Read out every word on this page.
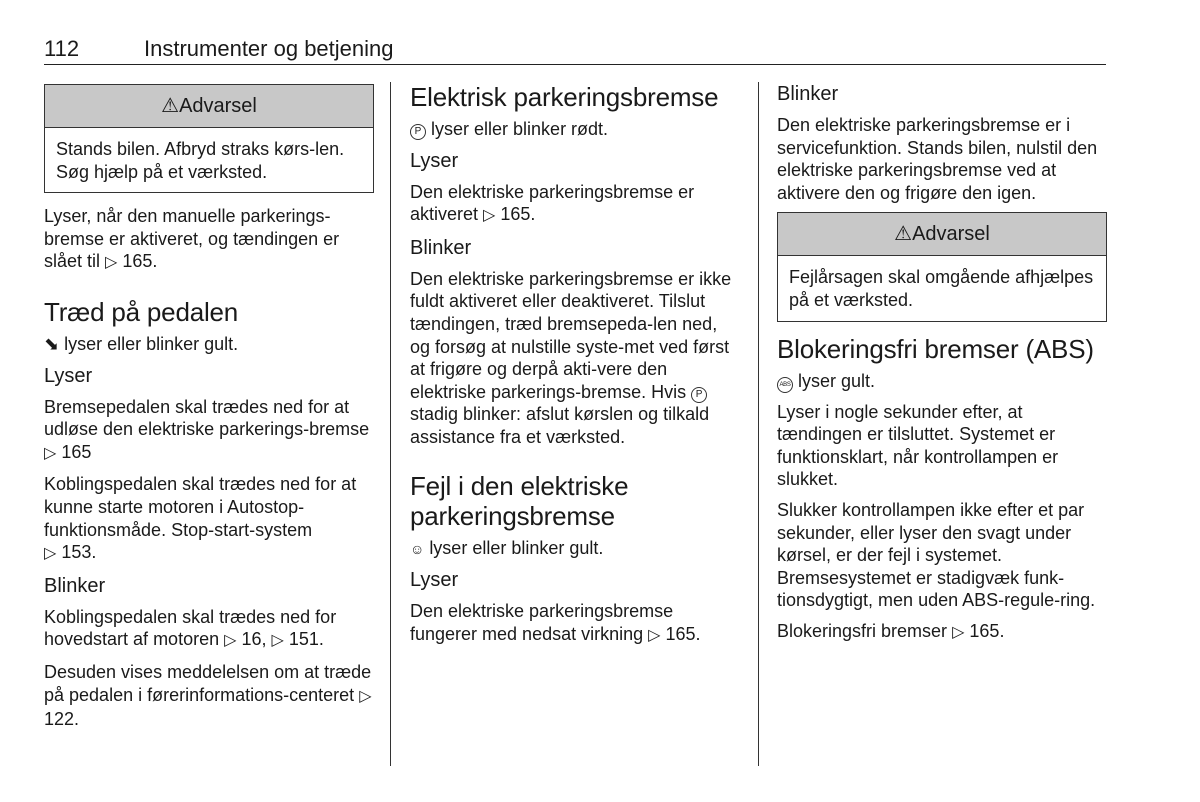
112	Instrumenter og betjening
⚠Advarsel
Stands bilen. Afbryd straks kørs-len. Søg hjælp på et værksted.

Lyser, når den manuelle parkerings-bremse er aktiveret, og tændingen er slået til ▷ 165.

Træd på pedalen

⬊ lyser eller blinker gult.

Lyser

Bremsepedalen skal trædes ned for at udløse den elektriske parkerings-bremse ▷ 165

Koblingspedalen skal trædes ned for at kunne starte motoren i Autostop-funktionsmåde. Stop-start-system
▷ 153.

Blinker

Koblingspedalen skal trædes ned for hovedstart af motoren ▷ 16, ▷ 151.

Desuden vises meddelelsen om at træde på pedalen i førerinformations-centeret ▷ 122.

Elektrisk parkeringsbremse

P lyser eller blinker rødt.

Lyser

Den elektriske parkeringsbremse er aktiveret ▷ 165.

Blinker

Den elektriske parkeringsbremse er ikke fuldt aktiveret eller deaktiveret. Tilslut tændingen, træd bremsepeda-len ned, og forsøg at nulstille syste-met ved først at frigøre og derpå akti-vere den elektriske parkerings-bremse. Hvis P stadig blinker: afslut kørslen og tilkald assistance fra et værksted.

Fejl i den elektriske parkeringsbremse

☺ lyser eller blinker gult.

Lyser

Den elektriske parkeringsbremse fungerer med nedsat virkning ▷ 165.

Blinker

Den elektriske parkeringsbremse er i servicefunktion. Stands bilen, nulstil den elektriske parkeringsbremse ved at aktivere den og frigøre den igen.

⚠Advarsel
Fejlårsagen skal omgående afhjælpes på et værksted.
Blokeringsfri bremser (ABS)

ABS lyser gult.

Lyser i nogle sekunder efter, at tændingen er tilsluttet. Systemet er funktionsklart, når kontrollampen er slukket.

Slukker kontrollampen ikke efter et par sekunder, eller lyser den svagt under kørsel, er der fejl i systemet. Bremsesystemet er stadigvæk funk-tionsdygtigt, men uden ABS-regule-ring.

Blokeringsfri bremser ▷ 165.
